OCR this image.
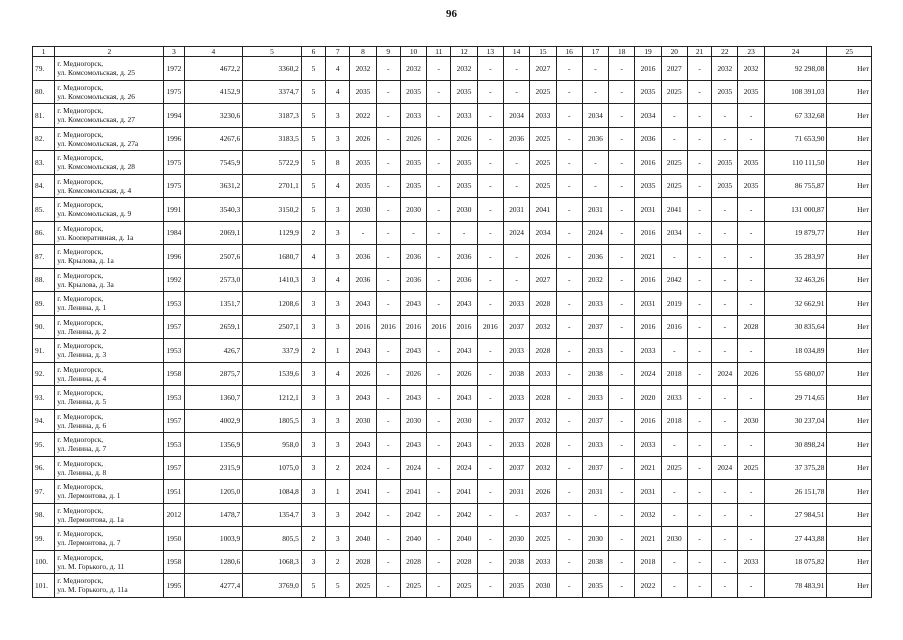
96
1	2	3	4	5	6	7	8	9	10	11	12	13	14	15	16	17	18	19	20	21	22	23	24	25
79.	г. Медногорск,
ул. Комсомольская, д. 25	1972	4672,2	3360,2	5	4	2032	-	2032	-	2032	-	-	2027	-	-	-	2016	2027	-	2032	2032	92 298,08	Нет
80.	г. Медногорск,
ул. Комсомольская, д. 26	1975	4152,9	3374,7	5	4	2035	-	2035	-	2035	-	-	2025	-	-	-	2035	2025	-	2035	2035	108 391,03	Нет
81.	г. Медногорск,
ул. Комсомольская, д. 27	1994	3230,6	3187,3	5	3	2022	-	2033	-	2033	-	2034	2033	-	2034	-	2034	-	-	-	-	67 332,68	Нет
82.	г. Медногорск,
ул. Комсомольская, д. 27а	1996	4267,6	3183,5	5	3	2026	-	2026	-	2026	-	2036	2025	-	2036	-	2036	-	-	-	-	71 653,90	Нет
83.	г. Медногорск,
ул. Комсомольская, д. 28	1975	7545,9	5722,9	5	8	2035	-	2035	-	2035	-	-	2025	-	-	-	2016	2025	-	2035	2035	110 111,50	Нет
84.	г. Медногорск,
ул. Комсомольская, д. 4	1975	3631,2	2701,1	5	4	2035	-	2035	-	2035	-	-	2025	-	-	-	2035	2025	-	2035	2035	86 755,87	Нет
85.	г. Медногорск,
ул. Комсомольская, д. 9	1991	3540,3	3150,2	5	3	2030	-	2030	-	2030	-	2031	2041	-	2031	-	2031	2041	-	-	-	131 000,87	Нет
86.	г. Медногорск,
ул. Кооперативная, д. 1а	1984	2069,1	1129,9	2	3	-	-	-	-	-	-	2024	2034	-	2024	-	2016	2034	-	-	-	19 879,77	Нет
87.	г. Медногорск,
ул. Крылова, д. 1а	1996	2507,6	1680,7	4	3	2036	-	2036	-	2036	-	-	2026	-	2036	-	2021	-	-	-	-	35 283,97	Нет
88.	г. Медногорск,
ул. Крылова, д. 3а	1992	2573,0	1410,3	3	4	2036	-	2036	-	2036	-	-	2027	-	2032	-	2016	2042	-	-	-	32 463,26	Нет
89.	г. Медногорск,
ул. Ленина, д. 1	1953	1351,7	1208,6	3	3	2043	-	2043	-	2043	-	2033	2028	-	2033	-	2031	2019	-	-	-	32 662,91	Нет
90.	г. Медногорск,
ул. Ленина, д. 2	1957	2659,1	2507,1	3	3	2016	2016	2016	2016	2016	2016	2037	2032	-	2037	-	2016	2016	-	-	2028	30 835,64	Нет
91.	г. Медногорск,
ул. Ленина, д. 3	1953	426,7	337,9	2	1	2043	-	2043	-	2043	-	2033	2028	-	2033	-	2033	-	-	-	-	18 034,89	Нет
92.	г. Медногорск,
ул. Ленина, д. 4	1958	2875,7	1539,6	3	4	2026	-	2026	-	2026	-	2038	2033	-	2038	-	2024	2018	-	2024	2026	55 680,07	Нет
93.	г. Медногорск,
ул. Ленина, д. 5	1953	1360,7	1212,1	3	3	2043	-	2043	-	2043	-	2033	2028	-	2033	-	2020	2033	-	-	-	29 714,65	Нет
94.	г. Медногорск,
ул. Ленина, д. 6	1957	4002,9	1805,5	3	3	2030	-	2030	-	2030	-	2037	2032	-	2037	-	2016	2018	-	-	2030	30 237,04	Нет
95.	г. Медногорск,
ул. Ленина, д. 7	1953	1356,9	958,0	3	3	2043	-	2043	-	2043	-	2033	2028	-	2033	-	2033	-	-	-	-	30 898,24	Нет
96.	г. Медногорск,
ул. Ленина, д. 8	1957	2315,9	1075,0	3	2	2024	-	2024	-	2024	-	2037	2032	-	2037	-	2021	2025	-	2024	2025	37 375,28	Нет
97.	г. Медногорск,
ул. Лермонтова, д. 1	1951	1205,0	1084,8	3	1	2041	-	2041	-	2041	-	2031	2026	-	2031	-	2031	-	-	-	-	26 151,78	Нет
98.	г. Медногорск,
ул. Лермонтова, д. 1а	2012	1478,7	1354,7	3	3	2042	-	2042	-	2042	-	-	2037	-	-	-	2032	-	-	-	-	27 984,51	Нет
99.	г. Медногорск,
ул. Лермонтова, д. 7	1950	1003,9	805,5	2	3	2040	-	2040	-	2040	-	2030	2025	-	2030	-	2021	2030	-	-	-	27 443,88	Нет
100.	г. Медногорск,
ул. М. Горького, д. 11	1958	1280,6	1068,3	3	2	2028	-	2028	-	2028	-	2038	2033	-	2038	-	2018	-	-	-	2033	18 075,82	Нет
101.	г. Медногорск,
ул. М. Горького, д. 11а	1995	4277,4	3769,0	5	5	2025	-	2025	-	2025	-	2035	2030	-	2035	-	2022	-	-	-	-	78 483,91	Нет
